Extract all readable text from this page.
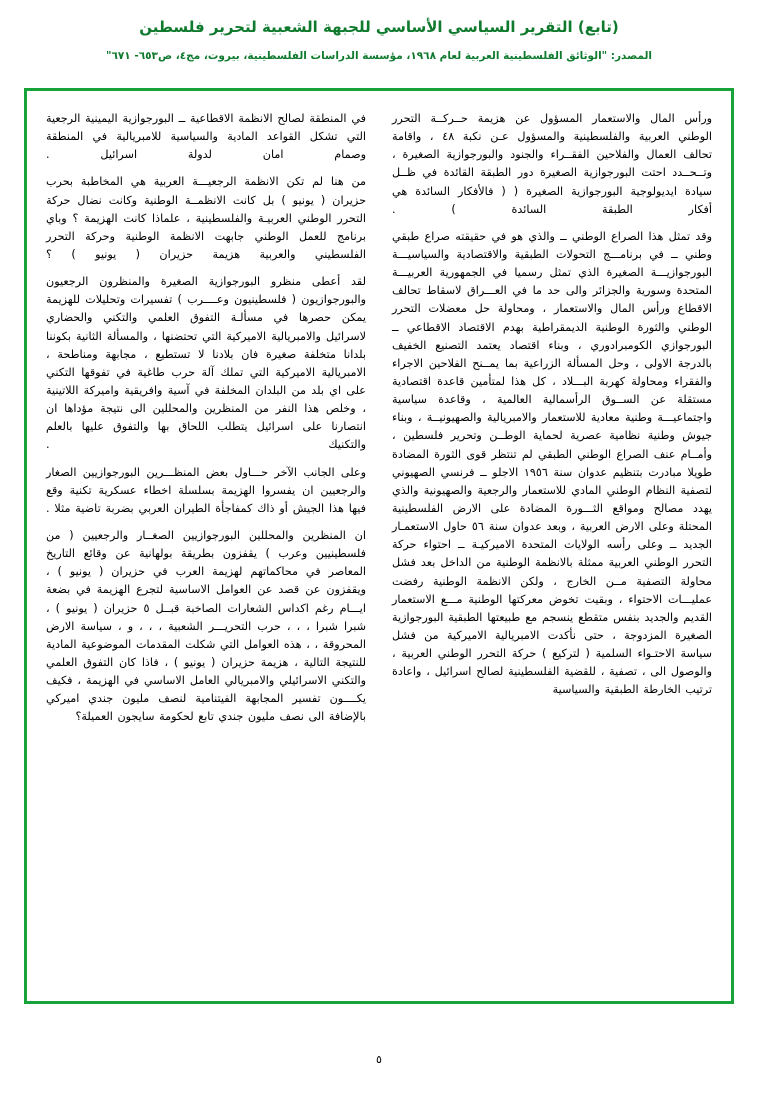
(تابع) التقرير السياسي الأساسي للجبهة الشعبية لتحرير فلسطين
المصدر: "الوثائق الفلسطينية العربية لعام ١٩٦٨، مؤسسة الدراسات الفلسطينية، بيروت، مج٤، ص٦٥٣- ٦٧١"

ورأس المال والاستعمار المسؤول عن هزيمة حــركــة التحرر الوطني العربية والفلسطينية والمسؤول عـن نكبة ٤٨ ، واقامة تحالف العمال والفلاحين الفقــراء والجنود والبورجوازية الصغيرة ، وتــحــدد احتت البورجوازية الصغيرة دور الطبقة القائدة في ظــل سيادة ايديولوجية البورجوازية الصغيرة ( ( فالأفكار السائدة هي أفكار الطبقة السائدة ) .

وقد تمثل هذا الصراع الوطني ــ والذي هو في حقيقته صراع طبقي وطني ــ في برنامـــج التحولات الطبقية والاقتصادية والسياسيـــة البورجوازيـــة الصغيرة الذي تمثل رسميا في الجمهورية العربيـــة المتحدة وسورية والجزائر والى حد ما في العـــراق لاسقاط تحالف الاقطاع ورأس المال والاستعمار ، ومحاولة حل معضلات التحرر الوطني والثورة الوطنية الديمقراطية بهدم الاقتصاد الاقطاعي ــ البورجوازي الكومبرادوري ، وبناء اقتصاد يعتمد التصنيع الخفيف بالدرجة الاولى ، وحل المسألة الزراعية بما يمــنح الفلاحين الاجراء والفقراء ومحاولة كهربة البـــلاد ، كل هذا لمتأمين قاعدة اقتصادية مستقلة عن الســوق الرأسمالية العالمية ، وقاعدة سياسية واجتماعيـــة وطنية معادية للاستعمار والامبريالية والصهيونيــة ، وبناء جيوش وطنية نظامية عصرية لحماية الوطــن وتحرير فلسطين ، وأمــام عنف الصراع الوطني الطبقي لم تنتظر قوى الثورة المضادة طويلا مبادرت بتنظيم عدوان سنة ١٩٥٦ الاجلو ــ فرنسي الصهيوني لتصفية النظام الوطني المادي للاستعمار والرجعية والصهيونية والذي يهدد مصالح ومواقع الثـــورة المضادة على الارض الفلسطينية المحتلة وعلى الارض العربية ، وبعد عدوان سنة ٥٦ حاول الاستعمـار الجديد ــ وعلى رأسه الولايات المتحدة الاميركيـة ــ احتواء حركة التحرر الوطني العربية ممثلة بالانظمة الوطنية من الداخل بعد فشل محاولة التصفية مــن الخارج ، ولكن الانظمة الوطنية رفضت عمليـــات الاحتواء ، وبقيت تخوض معركتها الوطنية مـــع الاستعمار القديم والجديد بنفس متقطع ينسجم مع طبيعتها الطبقية البورجوازية الصغيرة المزدوجة ، حتى نأكدت الامبريالية الاميركية من فشل سياسة الاحتـواء السلمية ( لتركيع ) حركة التحرر الوطني العربية ، والوصول الى ، تصفية ، للقضية الفلسطينية لصالح اسرائيل ، واعادة ترتيب الخارطة الطبقية والسياسية

في المنطقة لصالح الانظمة الاقطاعية ــ البورجوازية اليمينية الرجعية التي تشكل القواعد المادية والسياسية للامبريالية في المنطقة وصمام امان لدولة اسرائيل .

من هنا لم تكن الانظمة الرجعيـــة العربية هي المخاطبة بحرب حزيران ( يونيو ) بل كانت الانظمــة الوطنية وكانت نضال حركة التحرر الوطني العربيـة والفلسطينية ، علماذا كانت الهزيمة ؟ وباي برنامج للعمل الوطني جابهت الانظمة الوطنية وحركة التحرر الفلسطيني والعربية هزيمة حزيران ( يونيو ) ؟

لقد أعطى منظرو البورجوازية الصغيرة والمنظرون الرجعيون والبورجوازيون ( فلسطينيون وعــــرب ) تفسيرات وتحليلات للهزيمة يمكن حصرها في مسألـة التفوق العلمي والتكني والحضاري لاسرائيل والامبريالية الاميركية التي تحتضنها ، والمسألة الثانية بكوننا بلدانا متخلفة صغيرة فان بلادنا لا تستطيع ، مجابهة ومناطحة ، الامبريالية الاميركية التي تملك آلة حرب طاغية في تفوقها التكني على اي بلد من البلدان المخلفة في آسية وافريقية واميركة اللاتينية ، وخلص هذا النفر من المنظرين والمحللين الى نتيجة مؤداها ان انتصارنا على اسرائيل يتطلب اللحاق بها والتفوق عليها بالعلم والتكنيك .

وعلى الجانب الآخر حـــاول بعض المنظـــرين البورجوازيين الصغار والرجعيين ان يفسروا الهزيمة بسلسلة اخطاء عسكرية تكنية وقع فيها هذا الجيش أو ذاك كمفاجأة الطيران العربي بضربة تاضية مثلا .

ان المنظرين والمحللين البورجوازيين الصغــار والرجعيين ( من فلسطينيين وعرب ) يقفزون بطريقة بولهانية عن وقائع التاريخ المعاصر في محاكماتهم لهزيمة العرب في حزيران ( يونيو ) ، ويقفزون عن قصد عن العوامل الاساسية لتجرع الهزيمة في بضعة ايـــام رغم اكداس الشعارات الصاخبة قبــل ٥ حزيران ( يونيو ) ، شبرا شبرا ، ، ، حرب التحريـــر الشعبية ، ، ، و ، سياسة الارض المحروقة ، ، هذه العوامل التي شكلت المقدمات الموضوعية المادية للنتيجة التالية ، هزيمة حزيران ( يونيو ) ، فاذا كان التفوق العلمي والتكني الاسرائيلي والامبريالي العامل الاساسي في الهزيمة ، فكيف يكــــون تفسير المجابهة الفيتنامية لنصف مليون جندي اميركي بالإضافة الى نصف مليون جندي تابع لحكومة سايجون العميلة؟

٥
